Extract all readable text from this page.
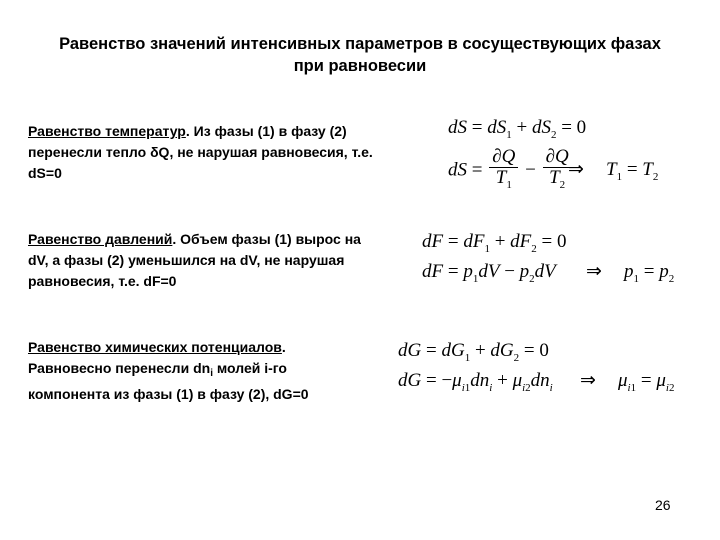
Равенство значений интенсивных параметров в сосуществующих фазах
при равновесии
Равенство температур. Из фазы (1) в фазу (2)
перенесли тепло δQ, не нарушая равновесия, т.е.
dS=0
dS = $dS_1 + dS_2 = 0$
dS = $\frac{\partial Q}{T_1} - \frac{\partial Q}{T_2}$
⇒ $T_1 = T_2$
Равенство давлений. Объем фазы (1) вырос на
dV, а фазы (2) уменьшился на dV, не нарушая
равновесия, т.е. dF=0
dF = $dF_1 + dF_2 = 0$
dF = $p_1dV - p_2dV$ ⇒ $p_1 = p_2$
Равенство химических потенциалов.
Равновесно перенесли $dn_i$ молей i-го
компонента из фазы (1) в фазу (2), dG=0
dG = $dG_1 + dG_2 = 0$
dG = $-\mu_{i1}dn_i + \mu_{i2}dn_i$ ⇒ $\mu_{i1} = \mu_{i2}$
26
